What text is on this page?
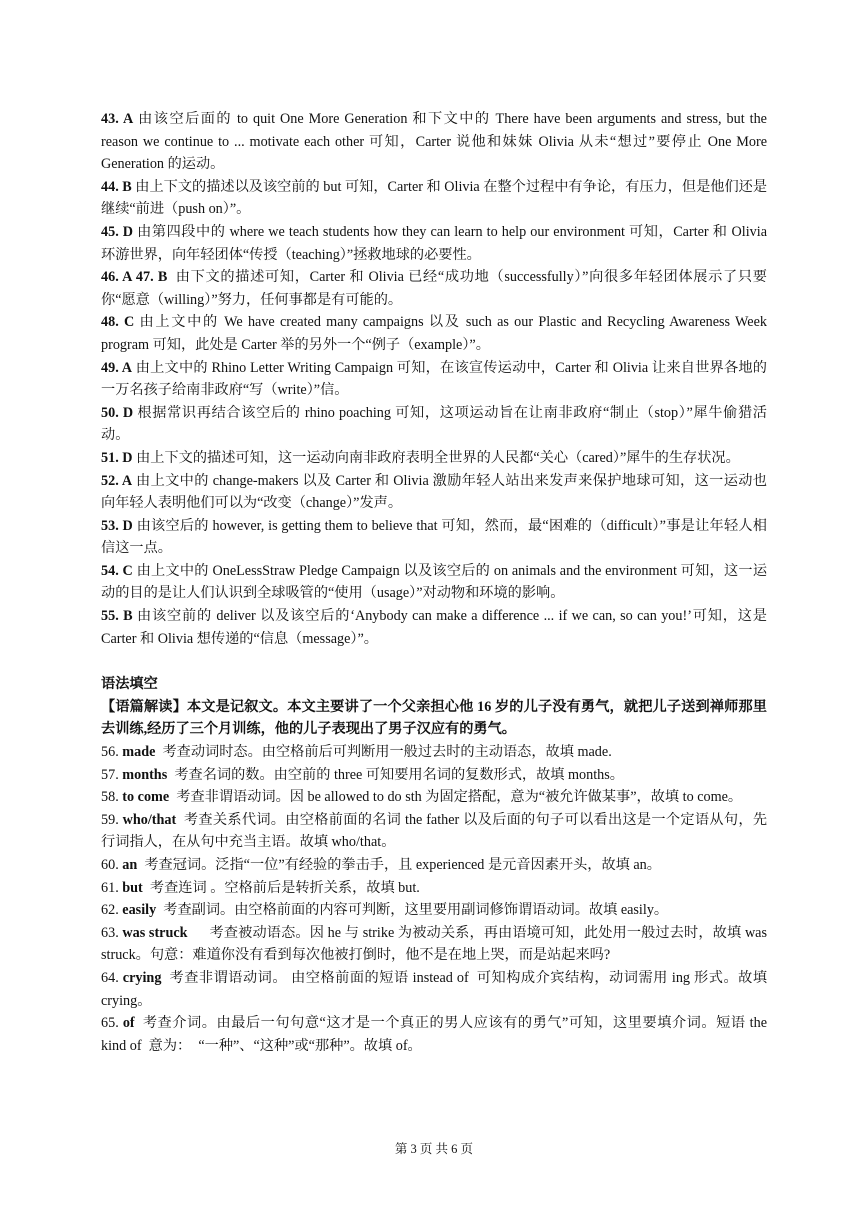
43. A 由该空后面的 to quit One More Generation 和下文中的 There have been arguments and stress, but the reason we continue to ... motivate each other 可知，Carter 说他和妹妹 Olivia 从未“想过”要停止 One More Generation 的运动。

44. B 由上下文的描述以及该空前的 but 可知，Carter 和 Olivia 在整个过程中有争论，有压力，但是他们还是继续“前进（push on）”。

45. D 由第四段中的 where we teach students how they can learn to help our environment 可知，Carter 和 Olivia 环游世界，向年轻团体“传授（teaching）”拯救地球的必要性。

46. A 47. B  由下文的描述可知，Carter 和 Olivia 已经“成功地（successfully）”向很多年轻团体展示了只要你“愿意（willing）”努力，任何事都是有可能的。

48. C 由上文中的 We have created many campaigns 以及 such as our Plastic and Recycling Awareness Week program 可知，此处是 Carter 举的另外一个“例子（example）”。

49. A 由上文中的 Rhino Letter Writing Campaign 可知，在该宣传运动中，Carter 和 Olivia 让来自世界各地的一万名孩子给南非政府“写（write）”信。

50. D 根据常识再结合该空后的 rhino poaching 可知，这项运动旨在让南非政府“制止（stop）”犀牛偷猎活动。

51. D 由上下文的描述可知，这一运动向南非政府表明全世界的人民都“关心（cared）”犀牛的生存状况。

52. A 由上文中的 change-makers 以及 Carter 和 Olivia 激励年轻人站出来发声来保护地球可知，这一运动也向年轻人表明他们可以为“改变（change）”发声。

53. D 由该空后的 however, is getting them to believe that 可知，然而，最“困难的（difficult）”事是让年轻人相信这一点。

54. C 由上文中的 OneLessStraw Pledge Campaign 以及该空后的 on animals and the environment 可知，这一运动的目的是让人们认识到全球吸管的“使用（usage）”对动物和环境的影响。

55. B 由该空前的 deliver 以及该空后的‘Anybody can make a difference ... if we can, so can you!’可知，这是 Carter 和 Olivia 想传递的“信息（message）”。

语法填空

【语篇解读】本文是记叙文。本文主要讲了一个父亲担心他 16 岁的儿子没有勇气，就把儿子送到禅师那里去训练,经历了三个月训练，他的儿子表现出了男子汉应有的勇气。

56. made  考查动词时态。由空格前后可判断用一般过去时的主动语态，故填 made.

57. months  考查名词的数。由空前的 three 可知要用名词的复数形式，故填 months。

58. to come  考查非谓语动词。因 be allowed to do sth 为固定搭配，意为“被允许做某事”，故填 to come。

59. who/that  考查关系代词。由空格前面的名词 the father 以及后面的句子可以看出这是一个定语从句，先行词指人，在从句中充当主语。故填 who/that。

60. an  考查冠词。泛指“一位”有经验的拳击手，且 experienced 是元音因素开头，故填 an。

61. but  考查连词 。空格前后是转折关系，故填 but.

62. easily  考查副词。由空格前面的内容可判断，这里要用副词修饰谓语动词。故填 easily。

63. was struck      考查被动语态。因 he 与 strike 为被动关系，再由语境可知，此处用一般过去时，故填 was struck。句意：难道你没有看到每次他被打倒时，他不是在地上哭，而是站起来吗?

64. crying  考查非谓语动词。 由空格前面的短语 instead of  可知构成介宾结构，动词需用 ing 形式。故填 crying。

65. of  考查介词。由最后一句句意“这才是一个真正的男人应该有的勇气”可知，这里要填介词。短语 the kind of  意为：  “一种”、“这种”或“那种”。故填 of。

第 3 页 共 6 页
